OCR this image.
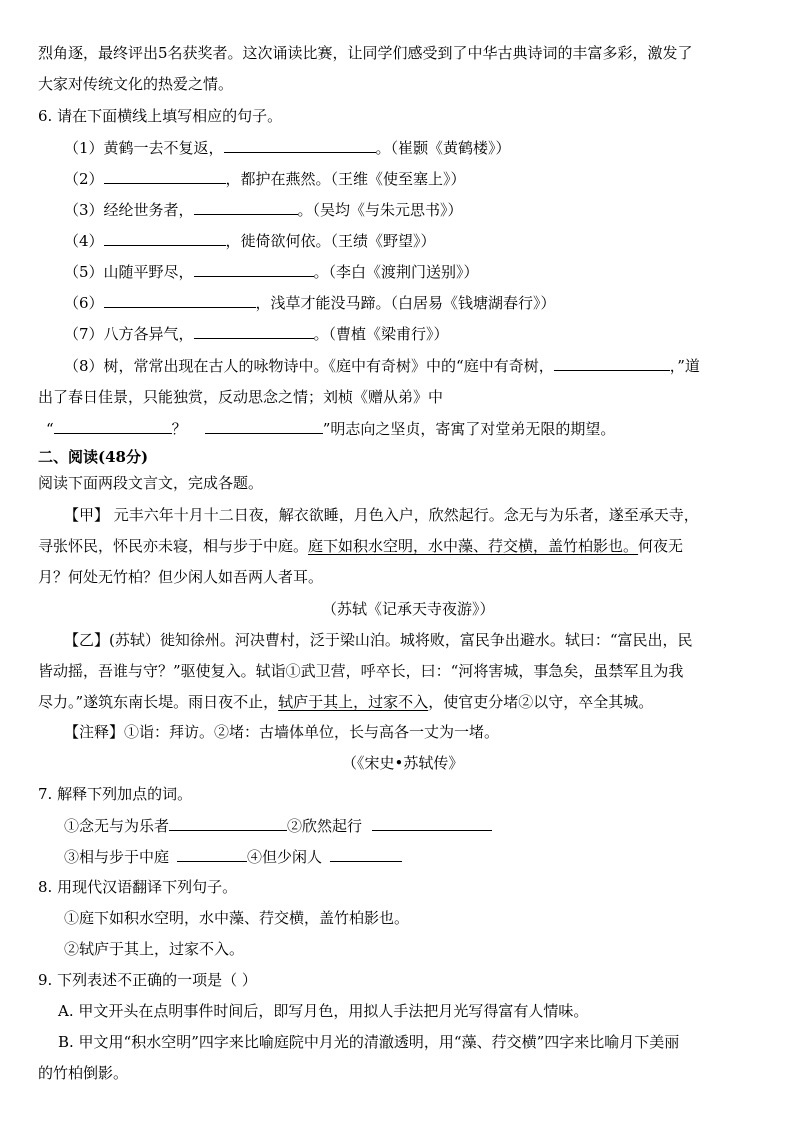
烈角逐，最终评出5名获奖者。这次诵读比赛，让同学们感受到了中华古典诗词的丰富多彩，激发了
大家对传统文化的热爱之情。
6. 请在下面横线上填写相应的句子。
（1）黄鹤一去不复返，	。（崔颢《黄鹤楼》）
（2）	，都护在燕然。（王维《使至塞上》）
（3）经纶世务者，	。（吴均《与朱元思书》）
（4）	，徙倚欲何依。（王绩《野望》）
（5）山随平野尽，	。（李白《渡荆门送别》）
（6）	，浅草才能没马蹄。（白居易《钱塘湖春行》）
（7）八方各异气，	。（曹植《梁甫行》）
（8）树，常常出现在古人的咏物诗中。《庭中有奇树》中的“庭中有奇树，	，”道
出了春日佳景，只能独赏，反动思念之情；刘桢《赠从弟》中
“	？	”明志向之坚贞，寄寓了对堂弟无限的期望。
二、阅读(48分)
阅读下面两段文言文，完成各题。
【甲】 元丰六年十月十二日夜，解衣欲睡，月色入户，欣然起行。念无与为乐者，遂至承天寺，
寻张怀民，怀民亦未寝，相与步于中庭。庭下如积水空明，水中藻、荇交横，盖竹柏影也。何夜无
月？何处无竹柏？但少闲人如吾两人者耳。
（苏轼《记承天寺夜游》）
【乙】(苏轼）徙知徐州。河决曹村，泛于梁山泊。城将败，富民争出避水。轼曰：“富民出，民
皆动摇，吾谁与守？”驱使复入。轼诣①武卫营，呼卒长，曰：“河将害城，事急矣，虽禁军且为我
尽力。”遂筑东南长堤。雨日夜不止，轼庐于其上，过家不入，使官吏分堵②以守，卒全其城。
【注释】①诣：拜访。②堵：古墙体单位，长与高各一丈为一堵。
（《宋史•苏轼传》
7. 解释下列加点的词。
①念无与为乐者	②欣然起行
③相与步于中庭	④但少闲人
8. 用现代汉语翻译下列句子。
①庭下如积水空明，水中藻、荇交横，盖竹柏影也。
②轼庐于其上，过家不入。
9. 下列表述不正确的一项是（ ）
A. 甲文开头在点明事件时间后，即写月色，用拟人手法把月光写得富有人情味。
B. 甲文用“积水空明”四字来比喻庭院中月光的清澈透明，用“藻、荇交横”四字来比喻月下美丽
的竹柏倒影。
